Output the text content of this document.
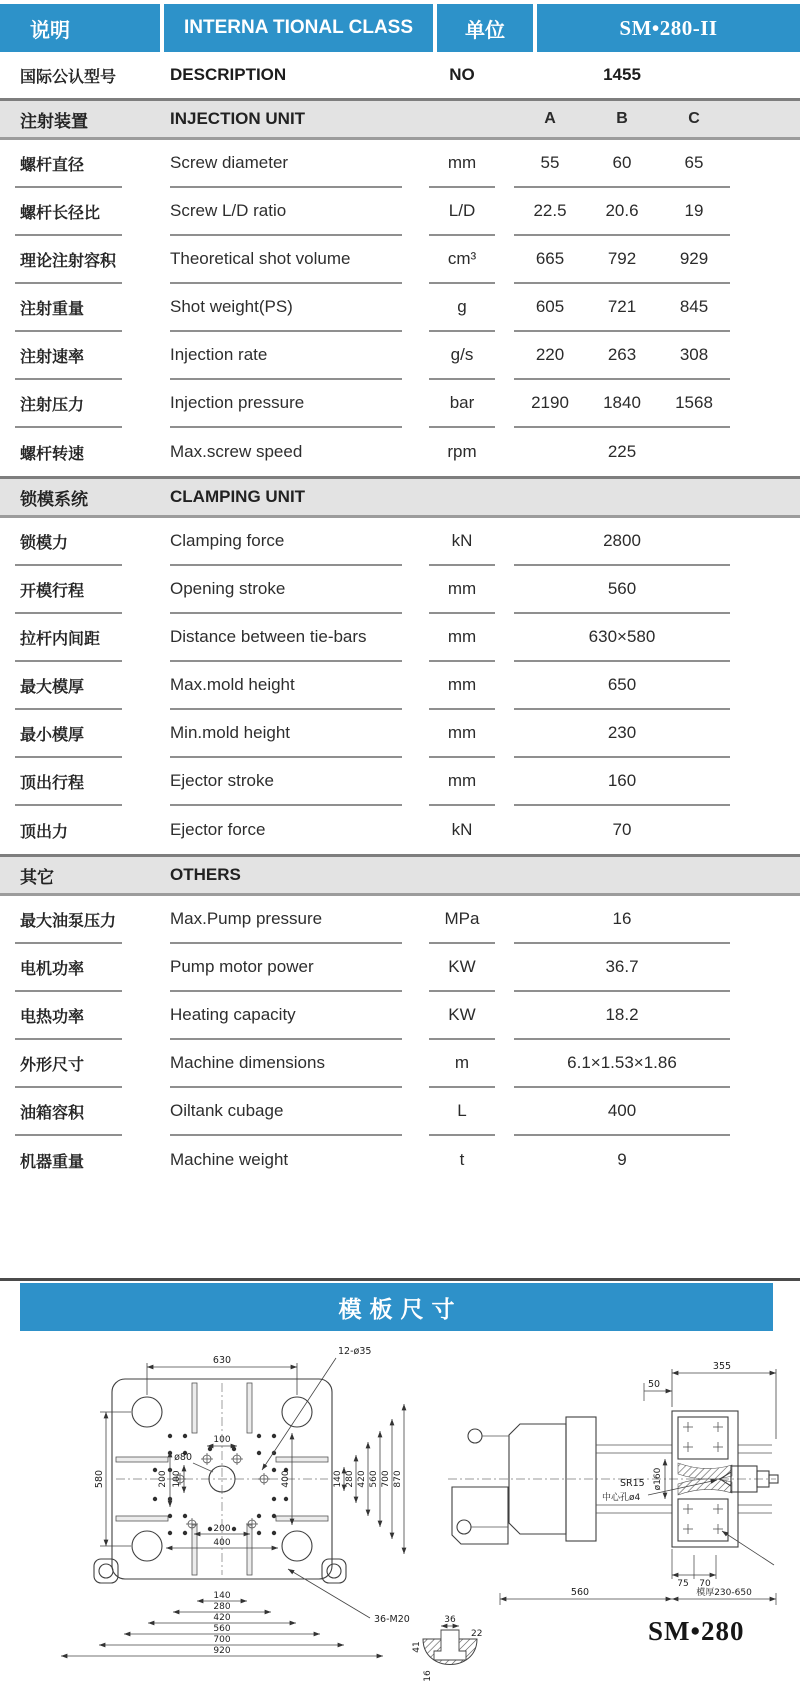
说明	INTERNA TIONAL CLASS	单位	SM•280-II
国际公认型号	DESCRIPTION	NO	1455
注射装置	INJECTION UNIT	A	B	C
螺杆直径	Screw diameter	mm	55	60	65
螺杆长径比	Screw L/D ratio	L/D	22.5	20.6	19
理论注射容积	Theoretical shot volume	cm³	665	792	929
注射重量	Shot weight(PS)	g	605	721	845
注射速率	Injection rate	g/s	220	263	308
注射压力	Injection pressure	bar	2190	1840	1568
螺杆转速	Max.screw speed	rpm	225
锁模系统	CLAMPING UNIT
锁模力	Clamping force	kN	2800
开模行程	Opening stroke	mm	560
拉杆内间距	Distance between tie-bars	mm	630×580
最大模厚	Max.mold height	mm	650
最小模厚	Min.mold height	mm	230
顶出行程	Ejector stroke	mm	160
顶出力	Ejector force	kN	70
其它	OTHERS
最大油泵压力	Max.Pump pressure	MPa	16
电机功率	Pump motor power	KW	36.7
电热功率	Heating capacity	KW	18.2
外形尺寸	Machine dimensions	m	6.1×1.53×1.86
油箱容积	Oiltank cubage	L	400
机器重量	Machine weight	t	9
模板尺寸
630
12-ø35
580
100
ø80
100
200
200
400
400	140 280 420 560 700 870
140
280
420
560
700
920
36-M20	36
22
41
16
355
50
ø160
SR15
中心孔ø4
75 70
560	模厚230-650
SM•280
